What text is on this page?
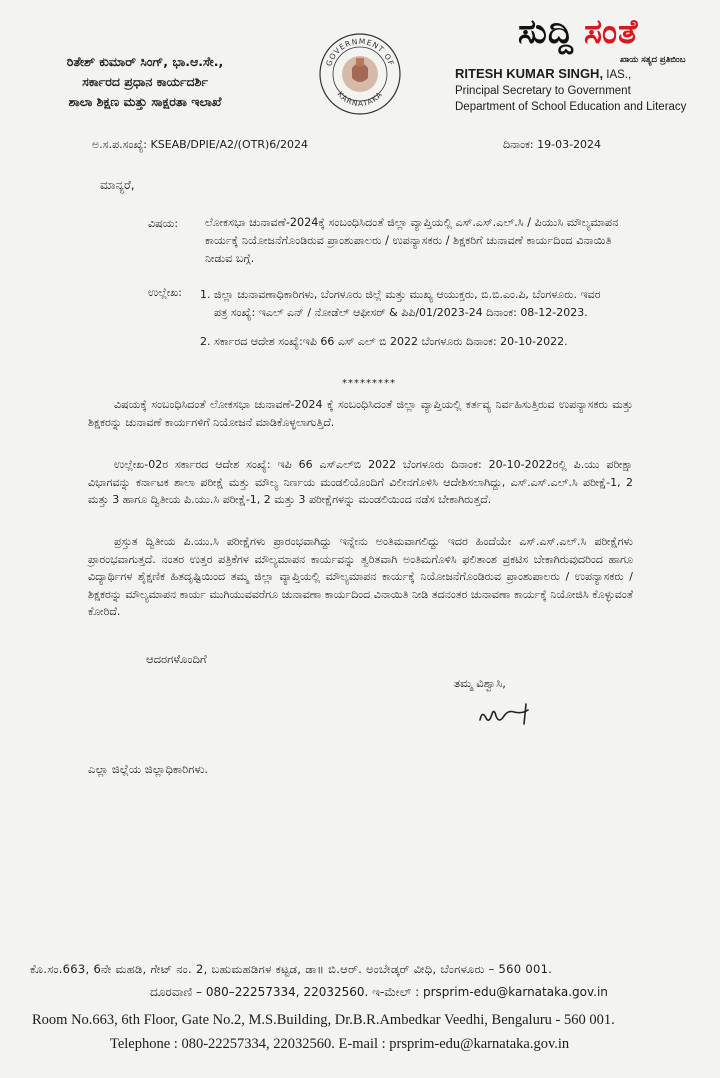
ಸುದ್ದಿ ಸಂತೆ
ಖಾಯ ಸತ್ಯದ ಪ್ರತಿಬಿಂಬ
ರಿತೇಶ್ ಕುಮಾರ್ ಸಿಂಗ್, ಭಾ.ಆ.ಸೇ.,
ಸರ್ಕಾರದ ಪ್ರಧಾನ ಕಾರ್ಯದರ್ಶಿ
ಶಾಲಾ ಶಿಕ್ಷಣ ಮತ್ತು ಸಾಕ್ಷರತಾ ಇಲಾಖೆ
GOVERNMENT OF
KARNATAKA
RITESH KUMAR SINGH, IAS.,
Principal Secretary to Government
Department of School Education and Literacy
ಅ.ಸ.ಪ.ಸಂಖ್ಯೆ: KSEAB/DPIE/A2/(OTR)6/2024	ದಿನಾಂಕ: 19-03-2024
ಮಾನ್ಯರೆ,
ವಿಷಯ: ಲೋಕಸಭಾ ಚುನಾವಣೆ-2024ಕ್ಕೆ ಸಂಬಂಧಿಸಿದಂತೆ ಜಿಲ್ಲಾ ವ್ಯಾಪ್ತಿಯಲ್ಲಿ ಎಸ್.ಎಸ್.ಎಲ್.ಸಿ / ಪಿಯುಸಿ ಮೌಲ್ಯಮಾಪನ ಕಾರ್ಯಕ್ಕೆ ನಿಯೋಜನೆಗೊಂಡಿರುವ ಪ್ರಾಂಶುಪಾಲರು / ಉಪನ್ಯಾಸಕರು / ಶಿಕ್ಷಕರಿಗೆ ಚುನಾವಣೆ ಕಾರ್ಯದಿಂದ ವಿನಾಯಿತಿ ನೀಡುವ ಬಗ್ಗೆ.
ಉಲ್ಲೇಖ: 1. ಜಿಲ್ಲಾ ಚುನಾವಣಾಧಿಕಾರಿಗಳು, ಬೆಂಗಳೂರು ಜಿಲ್ಲೆ ಮತ್ತು ಮುಖ್ಯ ಆಯುಕ್ತರು, ಬಿ.ಬಿ.ಎಂ.ಪಿ, ಬೆಂಗಳೂರು. ಇವರ ಪತ್ರ ಸಂಖ್ಯೆ: ಇಎಲ್ ಎನ್ / ನೋಡೆಲ್ ಆಫೀಸರ್ & ಪಿಪಿ/01/2023-24 ದಿನಾಂಕ: 08-12-2023.
2. ಸರ್ಕಾರದ ಆದೇಶ ಸಂಖ್ಯೆ:ಇಪಿ 66 ಎಸ್ ಎಲ್ ಬಿ 2022 ಬೆಂಗಳೂರು ದಿನಾಂಕ: 20-10-2022.
*********
ವಿಷಯಕ್ಕೆ ಸಂಬಂಧಿಸಿದಂತೆ ಲೋಕಸಭಾ ಚುನಾವಣೆ-2024 ಕ್ಕೆ ಸಂಬಂಧಿಸಿದಂತೆ ಜಿಲ್ಲಾ ವ್ಯಾಪ್ತಿಯಲ್ಲಿ ಕರ್ತವ್ಯ ನಿರ್ವಹಿಸುತ್ತಿರುವ ಉಪನ್ಯಾಸಕರು ಮತ್ತು ಶಿಕ್ಷಕರನ್ನು ಚುನಾವಣೆ ಕಾರ್ಯಗಳಿಗೆ ನಿಯೋಜನೆ ಮಾಡಿಕೊಳ್ಳಲಾಗುತ್ತಿದೆ.
ಉಲ್ಲೇಖ-02ರ ಸರ್ಕಾರದ ಆದೇಶ ಸಂಖ್ಯೆ: ಇಪಿ 66 ಎಸ್ಎಲ್‌ಬಿ 2022 ಬೆಂಗಳೂರು ದಿನಾಂಕ: 20-10-2022ರಲ್ಲಿ ಪಿ.ಯು ಪರೀಕ್ಷಾ ವಿಭಾಗವನ್ನು ಕರ್ನಾಟಕ ಶಾಲಾ ಪರೀಕ್ಷೆ ಮತ್ತು ಮೌಲ್ಯ ನಿರ್ಣಯ ಮಂಡಲಿಯೊಂದಿಗೆ ವಿಲೀನಗೊಳಿಸಿ ಆದೇಶಿಸಲಾಗಿದ್ದು, ಎಸ್.ಎಸ್.ಎಲ್.ಸಿ ಪರೀಕ್ಷೆ-1, 2 ಮತ್ತು 3 ಹಾಗೂ ದ್ವಿತೀಯ ಪಿ.ಯು.ಸಿ ಪರೀಕ್ಷೆ-1, 2 ಮತ್ತು 3 ಪರೀಕ್ಷೆಗಳನ್ನು ಮಂಡಲಿಯಿಂದ ನಡೆಸ ಬೇಕಾಗಿರುತ್ತದೆ.
ಪ್ರಸ್ತುತ ದ್ವಿತೀಯ ಪಿ.ಯು.ಸಿ ಪರೀಕ್ಷೆಗಳು ಪ್ರಾರಂಭವಾಗಿದ್ದು ಇನ್ನೇನು ಅಂತಿಮವಾಗಲಿದ್ದು ಇದರ ಹಿಂದೆಯೇ ಎಸ್.ಎಸ್.ಎಲ್.ಸಿ ಪರೀಕ್ಷೆಗಳು ಪ್ರಾರಂಭವಾಗುತ್ತದೆ. ನಂತರ ಉತ್ತರ ಪತ್ರಿಕೆಗಳ ಮೌಲ್ಯಮಾಪನ ಕಾರ್ಯವನ್ನು ತ್ವರಿತವಾಗಿ ಅಂತಿಮಗೊಳಿಸಿ ಫಲಿತಾಂಶ ಪ್ರಕಟಿಸ ಬೇಕಾಗಿರುವುದರಿಂದ ಹಾಗೂ ವಿದ್ಯಾರ್ಥಿಗಳ ಶೈಕ್ಷಣಿಕ ಹಿತದೃಷ್ಟಿಯಿಂದ ತಮ್ಮ ಜಿಲ್ಲಾ ವ್ಯಾಪ್ತಿಯಲ್ಲಿ ಮೌಲ್ಯಮಾಪನ ಕಾರ್ಯಕ್ಕೆ ನಿಯೋಜನೆಗೊಂಡಿರುವ ಪ್ರಾಂಶುಪಾಲರು / ಉಪನ್ಯಾಸಕರು / ಶಿಕ್ಷಕರನ್ನು ಮೌಲ್ಯಮಾಪನ ಕಾರ್ಯ ಮುಗಿಯುವವರೆಗೂ ಚುನಾವಣಾ ಕಾರ್ಯದಿಂದ ವಿನಾಯಿತಿ ನೀಡಿ ತದನಂತರ ಚುನಾವಣಾ ಕಾರ್ಯಕ್ಕೆ ನಿಯೋಜಿಸಿ ಕೊಳ್ಳುವಂತೆ ಕೋರಿದೆ.
ಆದರಗಳೊಂದಿಗೆ
ತಮ್ಮ ವಿಶ್ವಾಸಿ,
ಎಲ್ಲಾ ಜಿಲ್ಲೆಯ ಜಿಲ್ಲಾಧಿಕಾರಿಗಳು.
ಕೊ.ಸಂ.663, 6ನೇ ಮಹಡಿ, ಗೇಟ್ ನಂ. 2, ಬಹುಮಹಡಿಗಳ ಕಟ್ಟಡ, ಡಾ॥ ಬಿ.ಆರ್. ಅಂಬೇಡ್ಕರ್ ವೀಧಿ, ಬೆಂಗಳೂರು – 560 001.
ದೂರವಾಣಿ – 080–22257334, 22032560. ಇ-ಮೇಲ್ : prsprim-edu@karnataka.gov.in
Room No.663, 6th Floor, Gate No.2, M.S.Building, Dr.B.R.Ambedkar Veedhi, Bengaluru - 560 001.
Telephone : 080-22257334, 22032560. E-mail : prsprim-edu@karnataka.gov.in
